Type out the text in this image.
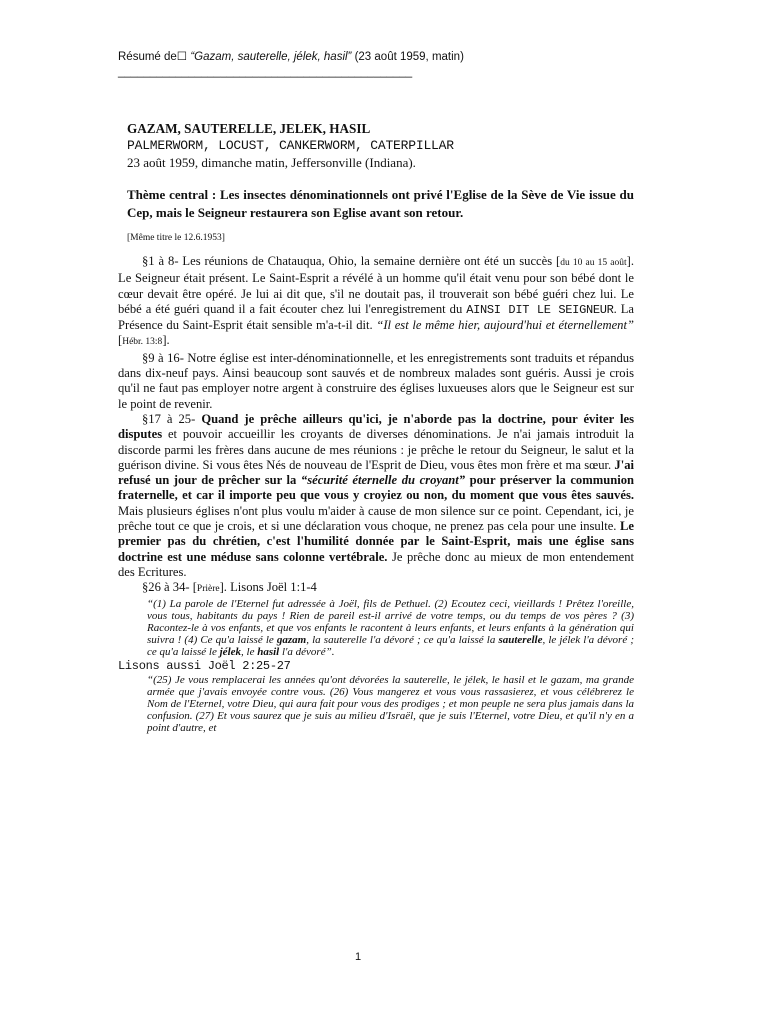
Résumé de☐ “Gazam, sauterelle, jélek, hasil” (23 août 1959, matin)
______________________________________________
GAZAM, SAUTERELLE, JELEK, HASIL
PALMERWORM, LOCUST, CANKERWORM, CATERPILLAR
23 août 1959, dimanche matin, Jeffersonville (Indiana).
Thème central : Les insectes dénominationnels ont privé l'Eglise de la Sève de Vie issue du Cep, mais le Seigneur restaurera son Eglise avant son retour.
[Même titre le 12.6.1953]

§1 à 8- Les réunions de Chatauqua, Ohio, la semaine dernière ont été un succès [du 10 au 15 août]. Le Seigneur était présent. Le Saint-Esprit a révélé à un homme qu'il était venu pour son bébé dont le cœur devait être opéré. Je lui ai dit que, s'il ne doutait pas, il trouverait son bébé guéri chez lui. Le bébé a été guéri quand il a fait écouter chez lui l'enregistrement du AINSI DIT LE SEIGNEUR. La Présence du Saint-Esprit était sensible m'a-t-il dit. “Il est le même hier, aujourd'hui et éternellement” [Hébr. 13:8].

§9 à 16- Notre église est inter-dénominationnelle, et les enregistrements sont traduits et répandus dans dix-neuf pays. Ainsi beaucoup sont sauvés et de nombreux malades sont guéris. Aussi je crois qu'il ne faut pas employer notre argent à construire des églises luxueuses alors que le Seigneur est sur le point de revenir.

§17 à 25- Quand je prêche ailleurs qu'ici, je n'aborde pas la doctrine, pour éviter les disputes et pouvoir accueillir les croyants de diverses dénominations. Je n'ai jamais introduit la discorde parmi les frères dans aucune de mes réunions : je prêche le retour du Seigneur, le salut et la guérison divine. Si vous êtes Nés de nouveau de l'Esprit de Dieu, vous êtes mon frère et ma sœur. J'ai refusé un jour de prêcher sur la “sécurité éternelle du croyant” pour préserver la communion fraternelle, et car il importe peu que vous y croyiez ou non, du moment que vous êtes sauvés. Mais plusieurs églises n'ont plus voulu m'aider à cause de mon silence sur ce point. Cependant, ici, je prêche tout ce que je crois, et si une déclaration vous choque, ne prenez pas cela pour une insulte. Le premier pas du chrétien, c'est l'humilité donnée par le Saint-Esprit, mais une église sans doctrine est une méduse sans colonne vertébrale. Je prêche donc au mieux de mon entendement des Ecritures.

§26 à 34- [Prière]. Lisons Joël 1:1-4

“(1) La parole de l'Eternel fut adressée à Joël, fils de Pethuel. (2) Ecoutez ceci, vieillards ! Prêtez l'oreille, vous tous, habitants du pays ! Rien de pareil est-il arrivé de votre temps, ou du temps de vos pères ? (3) Racontez-le à vos enfants, et que vos enfants le racontent à leurs enfants, et leurs enfants à la génération qui suivra ! (4) Ce qu'a laissé le gazam, la sauterelle l'a dévoré ; ce qu'a laissé la sauterelle, le jélek l'a dévoré ; ce qu'a laissé le jélek, le hasil l'a dévoré”.

Lisons aussi Joël 2:25-27

“(25) Je vous remplacerai les années qu'ont dévorées la sauterelle, le jélek, le hasil et le gazam, ma grande armée que j'avais envoyée contre vous. (26) Vous mangerez et vous vous rassasierez, et vous célébrerez le Nom de l'Eternel, votre Dieu, qui aura fait pour vous des prodiges ; et mon peuple ne sera plus jamais dans la confusion. (27) Et vous saurez que je suis au milieu d'Israël, que je suis l'Eternel, votre Dieu, et qu'il n'y en a point d'autre, et

1
